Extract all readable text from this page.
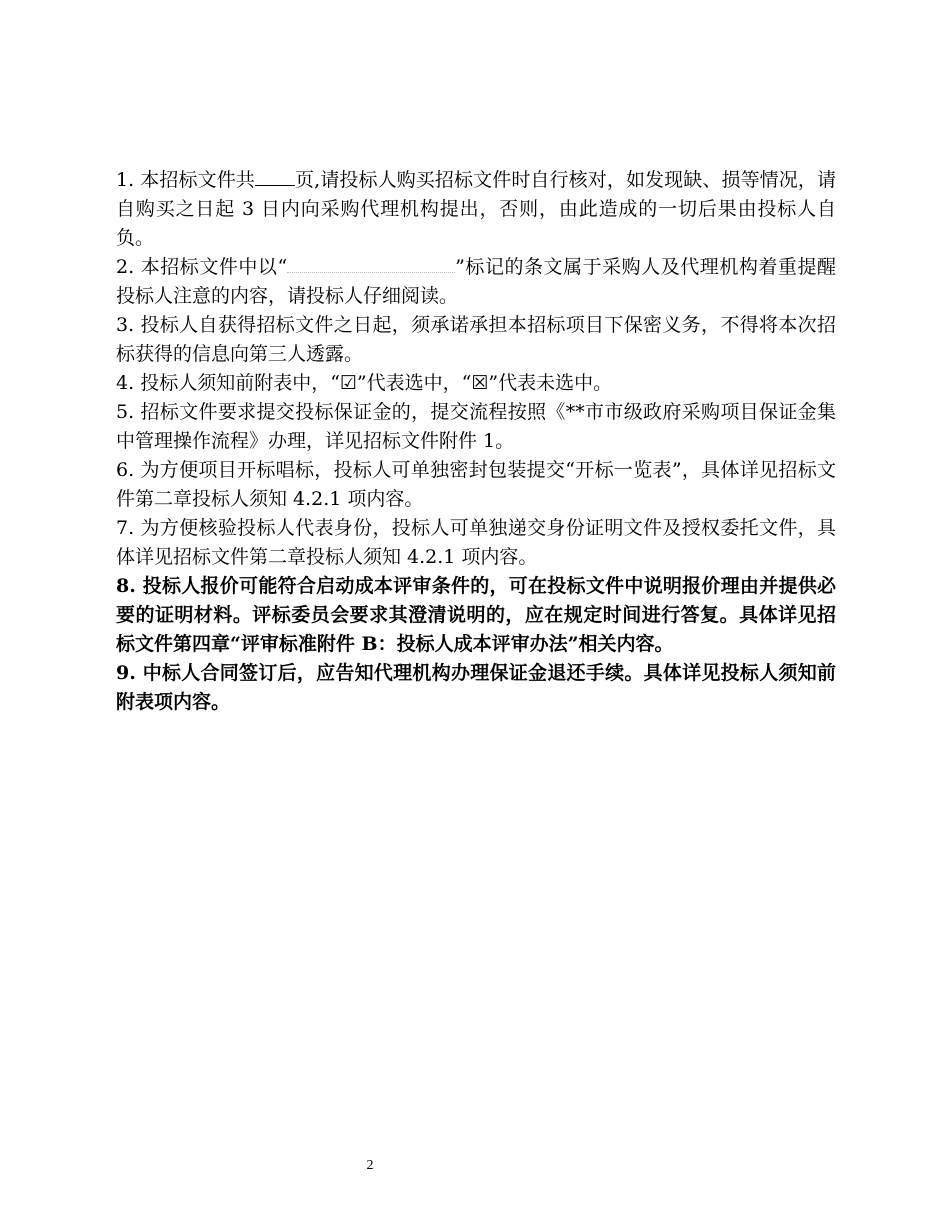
1. 本招标文件共 页,请投标人购买招标文件时自行核对，如发现缺、损等情况，请自购买之日起 3 日内向采购代理机构提出，否则，由此造成的一切后果由投标人自负。

2. 本招标文件中以“	”标记的条文属于采购人及代理机构着重提醒投标人注意的内容，请投标人仔细阅读。

3. 投标人自获得招标文件之日起，须承诺承担本招标项目下保密义务，不得将本次招标获得的信息向第三人透露。

4. 投标人须知前附表中，“☑”代表选中，“☒”代表未选中。

5. 招标文件要求提交投标保证金的，提交流程按照《**市市级政府采购项目保证金集中管理操作流程》办理，详见招标文件附件 1。

6. 为方便项目开标唱标，投标人可单独密封包装提交“开标一览表”，具体详见招标文件第二章投标人须知 4.2.1 项内容。

7. 为方便核验投标人代表身份，投标人可单独递交身份证明文件及授权委托文件，具体详见招标文件第二章投标人须知 4.2.1 项内容。

8. 投标人报价可能符合启动成本评审条件的，可在投标文件中说明报价理由并提供必要的证明材料。评标委员会要求其澄清说明的，应在规定时间进行答复。具体详见招标文件第四章“评审标准附件 B：投标人成本评审办法”相关内容。

9. 中标人合同签订后，应告知代理机构办理保证金退还手续。具体详见投标人须知前附表项内容。

2
